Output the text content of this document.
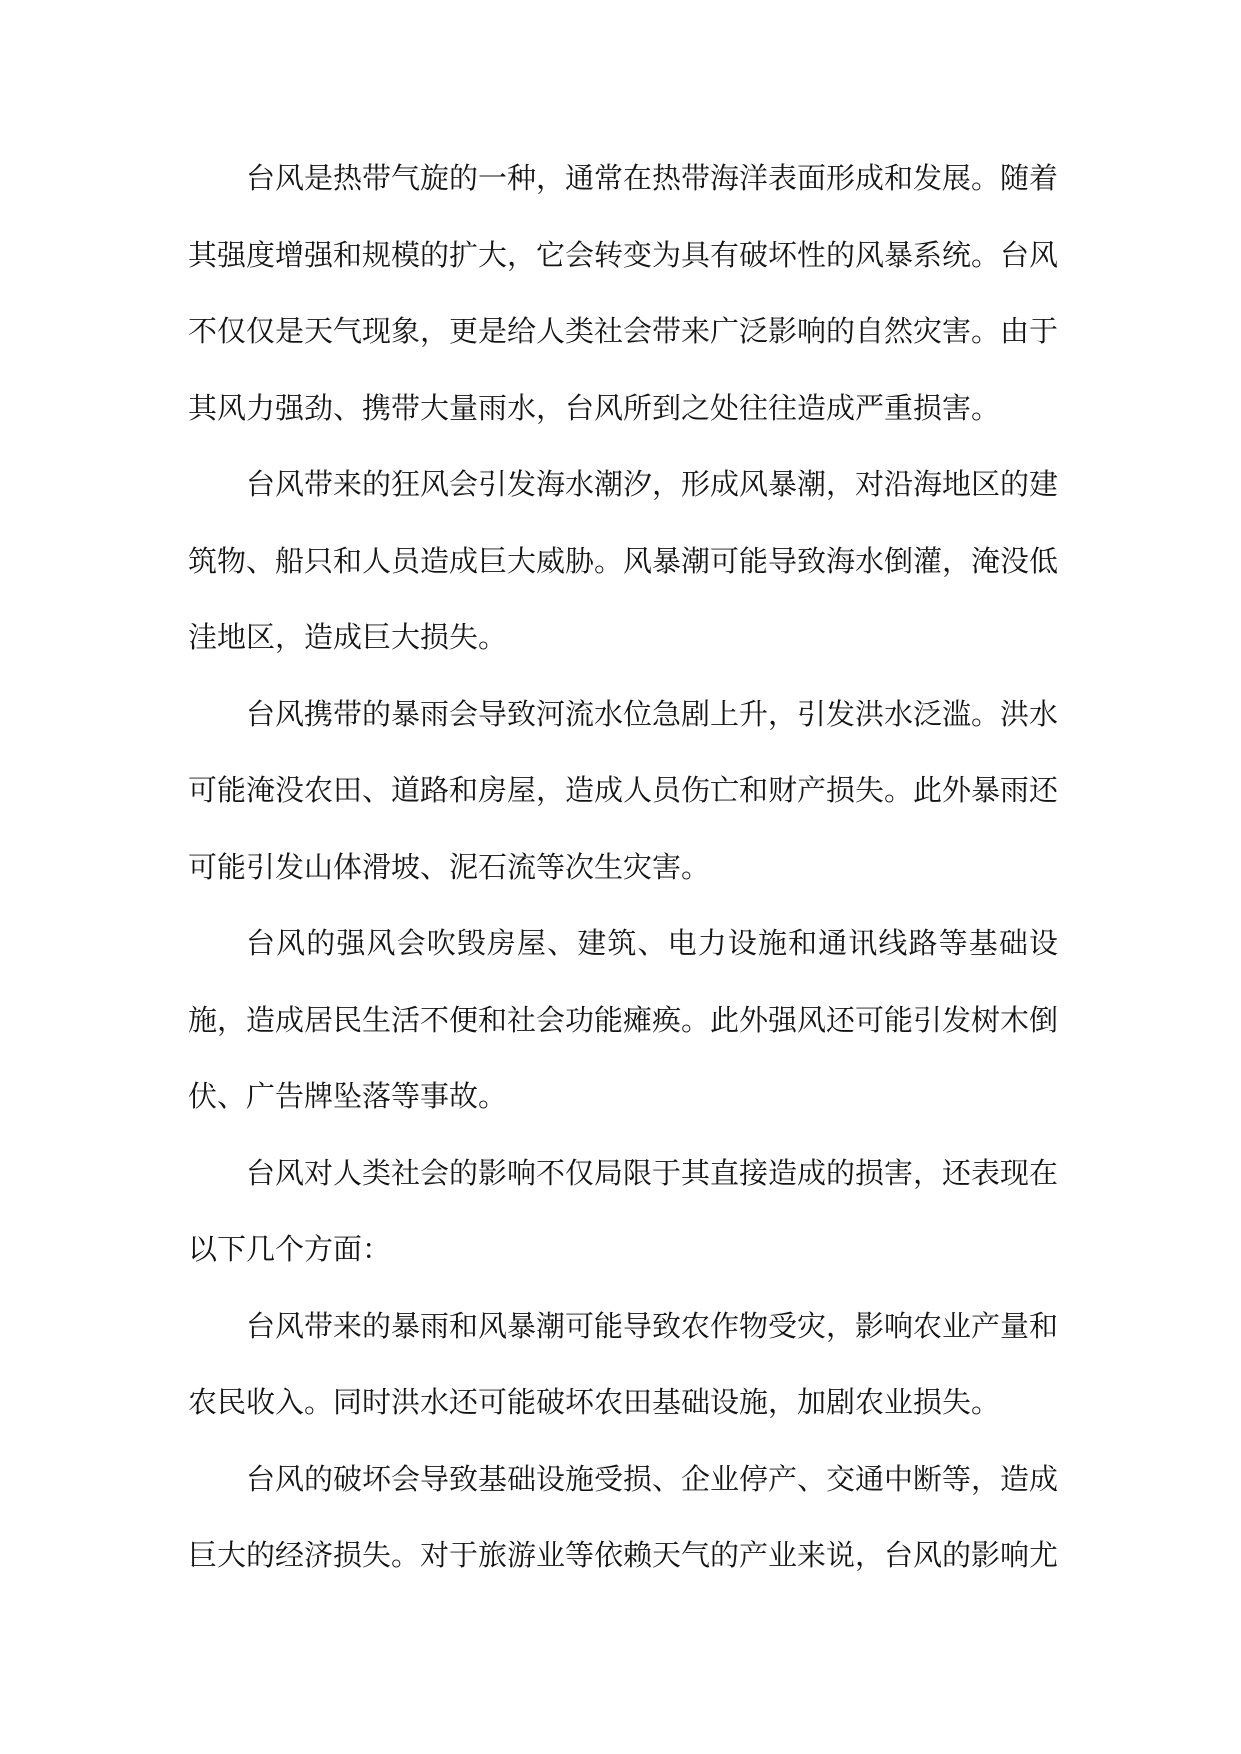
台风是热带气旋的一种，通常在热带海洋表面形成和发展。随着其强度增强和规模的扩大，它会转变为具有破坏性的风暴系统。台风不仅仅是天气现象，更是给人类社会带来广泛影响的自然灾害。由于其风力强劲、携带大量雨水，台风所到之处往往造成严重损害。

台风带来的狂风会引发海水潮汐，形成风暴潮，对沿海地区的建筑物、船只和人员造成巨大威胁。风暴潮可能导致海水倒灌，淹没低洼地区，造成巨大损失。

台风携带的暴雨会导致河流水位急剧上升，引发洪水泛滥。洪水可能淹没农田、道路和房屋，造成人员伤亡和财产损失。此外暴雨还可能引发山体滑坡、泥石流等次生灾害。

台风的强风会吹毁房屋、建筑、电力设施和通讯线路等基础设施，造成居民生活不便和社会功能瘫痪。此外强风还可能引发树木倒伏、广告牌坠落等事故。

台风对人类社会的影响不仅局限于其直接造成的损害，还表现在以下几个方面：

台风带来的暴雨和风暴潮可能导致农作物受灾，影响农业产量和农民收入。同时洪水还可能破坏农田基础设施，加剧农业损失。

台风的破坏会导致基础设施受损、企业停产、交通中断等，造成巨大的经济损失。对于旅游业等依赖天气的产业来说，台风的影响尤
